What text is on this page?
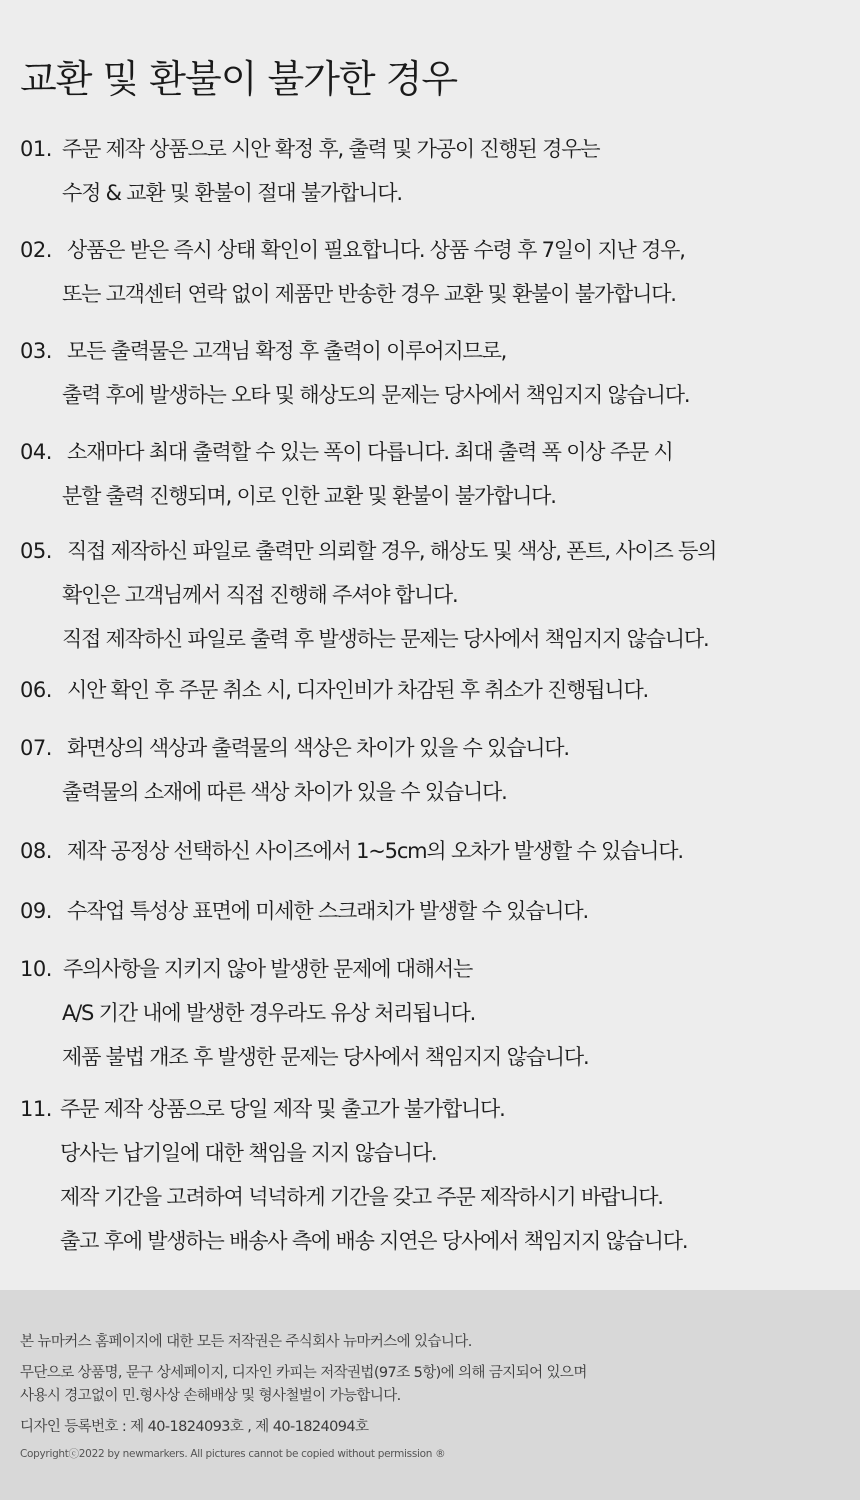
교환 및 환불이 불가한 경우
01. 주문 제작 상품으로 시안 확정 후, 출력 및 가공이 진행된 경우는
수정 & 교환 및 환불이 절대 불가합니다.
02. 상품은 받은 즉시 상태 확인이 필요합니다. 상품 수령 후 7일이 지난 경우,
또는 고객센터 연락 없이 제품만 반송한 경우 교환 및 환불이 불가합니다.
03. 모든 출력물은 고객님 확정 후 출력이 이루어지므로,
출력 후에 발생하는 오타 및 해상도의 문제는 당사에서 책임지지 않습니다.
04. 소재마다 최대 출력할 수 있는 폭이 다릅니다. 최대 출력 폭 이상 주문 시
분할 출력 진행되며, 이로 인한 교환 및 환불이 불가합니다.
05. 직접 제작하신 파일로 출력만 의뢰할 경우, 해상도 및 색상, 폰트, 사이즈 등의
확인은 고객님께서 직접 진행해 주셔야 합니다.
직접 제작하신 파일로 출력 후 발생하는 문제는 당사에서 책임지지 않습니다.
06. 시안 확인 후 주문 취소 시, 디자인비가 차감된 후 취소가 진행됩니다.
07. 화면상의 색상과 출력물의 색상은 차이가 있을 수 있습니다.
출력물의 소재에 따른 색상 차이가 있을 수 있습니다.
08. 제작 공정상 선택하신 사이즈에서 1~5cm의 오차가 발생할 수 있습니다.
09. 수작업 특성상 표면에 미세한 스크래치가 발생할 수 있습니다.
10. 주의사항을 지키지 않아 발생한 문제에 대해서는
A/S 기간 내에 발생한 경우라도 유상 처리됩니다.
제품 불법 개조 후 발생한 문제는 당사에서 책임지지 않습니다.
11. 주문 제작 상품으로 당일 제작 및 출고가 불가합니다.
당사는 납기일에 대한 책임을 지지 않습니다.
제작 기간을 고려하여 넉넉하게 기간을 갖고 주문 제작하시기 바랍니다.
출고 후에 발생하는 배송사 측에 배송 지연은 당사에서 책임지지 않습니다.
본 뉴마커스 홈페이지에 대한 모든 저작권은 주식회사 뉴마커스에 있습니다.
무단으로 상품명, 문구 상세페이지, 디자인 카피는 저작권법(97조 5항)에 의해 금지되어 있으며
사용시 경고없이 민.형사상 손해배상 및 형사철벌이 가능합니다.
디자인 등록번호 : 제 40-1824093호 , 제 40-1824094호
Copyrightⓒ2022 by newmarkers. All pictures cannot be copied without permission ®
